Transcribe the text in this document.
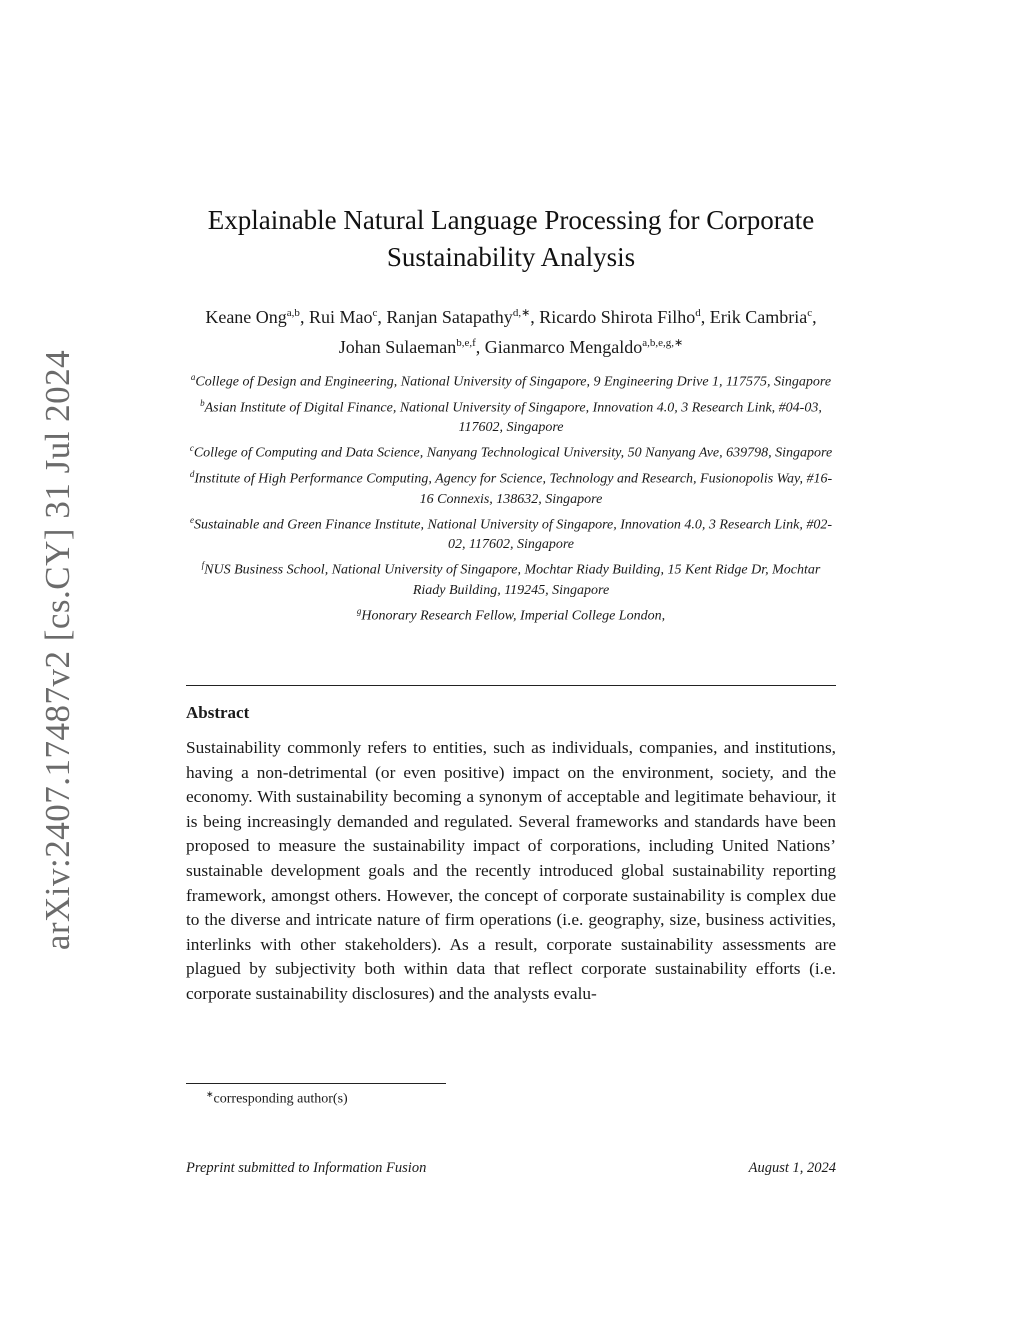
arXiv:2407.17487v2 [cs.CY] 31 Jul 2024
Explainable Natural Language Processing for Corporate Sustainability Analysis
Keane Ong$^{a,b}$, Rui Mao$^c$, Ranjan Satapathy$^{d,∗}$, Ricardo Shirota Filho$^d$, Erik Cambria$^c$, Johan Sulaeman$^{b,e,f}$, Gianmarco Mengaldo$^{a,b,e,g,∗}$
$^a$College of Design and Engineering, National University of Singapore, 9 Engineering Drive 1, 117575, Singapore
$^b$Asian Institute of Digital Finance, National University of Singapore, Innovation 4.0, 3 Research Link, #04-03, 117602, Singapore
$^c$College of Computing and Data Science, Nanyang Technological University, 50 Nanyang Ave, 639798, Singapore
$^d$Institute of High Performance Computing, Agency for Science, Technology and Research, Fusionopolis Way, #16-16 Connexis, 138632, Singapore
$^e$Sustainable and Green Finance Institute, National University of Singapore, Innovation 4.0, 3 Research Link, #02-02, 117602, Singapore
$^f$NUS Business School, National University of Singapore, Mochtar Riady Building, 15 Kent Ridge Dr, Mochtar Riady Building, 119245, Singapore
$^g$Honorary Research Fellow, Imperial College London,
Abstract
Sustainability commonly refers to entities, such as individuals, companies, and institutions, having a non-detrimental (or even positive) impact on the environment, society, and the economy. With sustainability becoming a synonym of acceptable and legitimate behaviour, it is being increasingly demanded and regulated. Several frameworks and standards have been proposed to measure the sustainability impact of corporations, including United Nations’ sustainable development goals and the recently introduced global sustainability reporting framework, amongst others. However, the concept of corporate sustainability is complex due to the diverse and intricate nature of firm operations (i.e. geography, size, business activities, interlinks with other stakeholders). As a result, corporate sustainability assessments are plagued by subjectivity both within data that reflect corporate sustainability efforts (i.e. corporate sustainability disclosures) and the analysts evalu-
∗corresponding author(s)
Preprint submitted to Information Fusion	August 1, 2024
